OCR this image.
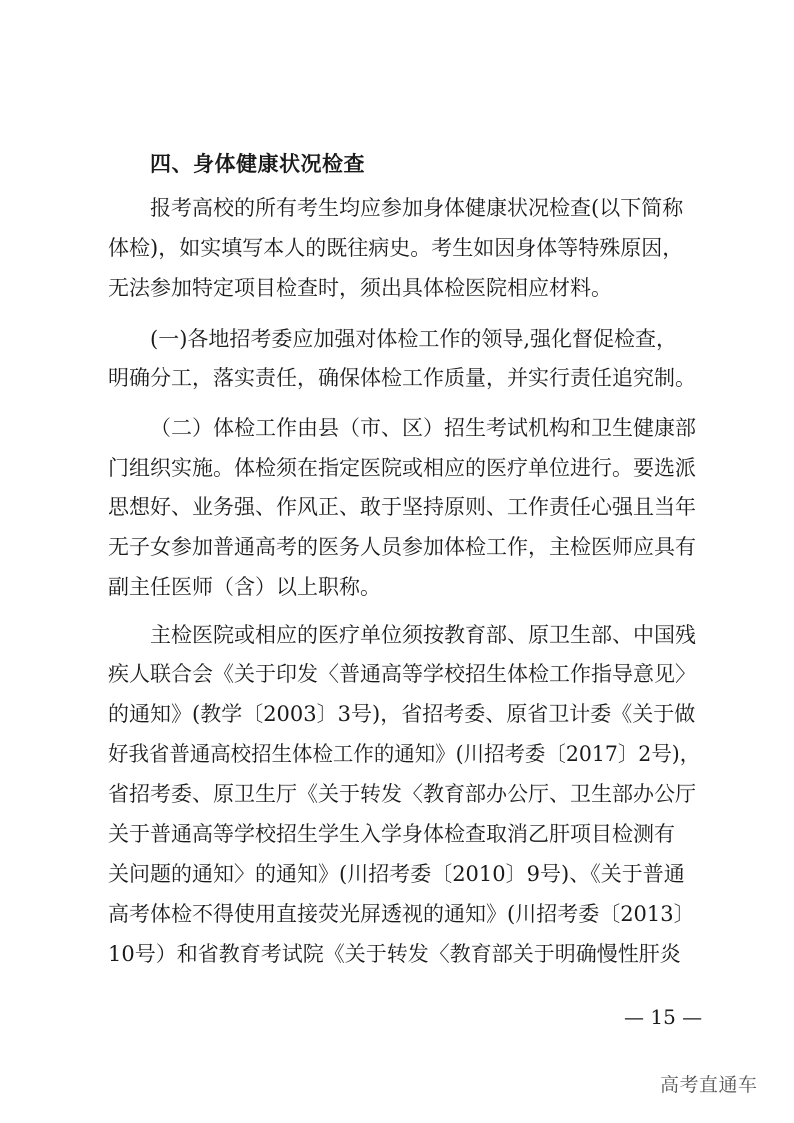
四、身体健康状况检查
报考高校的所有考生均应参加身体健康状况检查(以下简称
体检)，如实填写本人的既往病史。考生如因身体等特殊原因，
无法参加特定项目检查时，须出具体检医院相应材料。
(一)各地招考委应加强对体检工作的领导,强化督促检查，
明确分工，落实责任，确保体检工作质量，并实行责任追究制。
（二）体检工作由县（市、区）招生考试机构和卫生健康部
门组织实施。体检须在指定医院或相应的医疗单位进行。要选派
思想好、业务强、作风正、敢于坚持原则、工作责任心强且当年
无子女参加普通高考的医务人员参加体检工作，主检医师应具有
副主任医师（含）以上职称。
主检医院或相应的医疗单位须按教育部、原卫生部、中国残
疾人联合会《关于印发〈普通高等学校招生体检工作指导意见〉
的通知》(教学〔2003〕3号)，省招考委、原省卫计委《关于做
好我省普通高校招生体检工作的通知》(川招考委〔2017〕2号)，
省招考委、原卫生厅《关于转发〈教育部办公厅、卫生部办公厅
关于普通高等学校招生学生入学身体检查取消乙肝项目检测有
关问题的通知〉的通知》(川招考委〔2010〕9号)、《关于普通
高考体检不得使用直接荧光屏透视的通知》(川招考委〔2013〕
10号）和省教育考试院《关于转发〈教育部关于明确慢性肝炎
— 15 —
高考直通车
